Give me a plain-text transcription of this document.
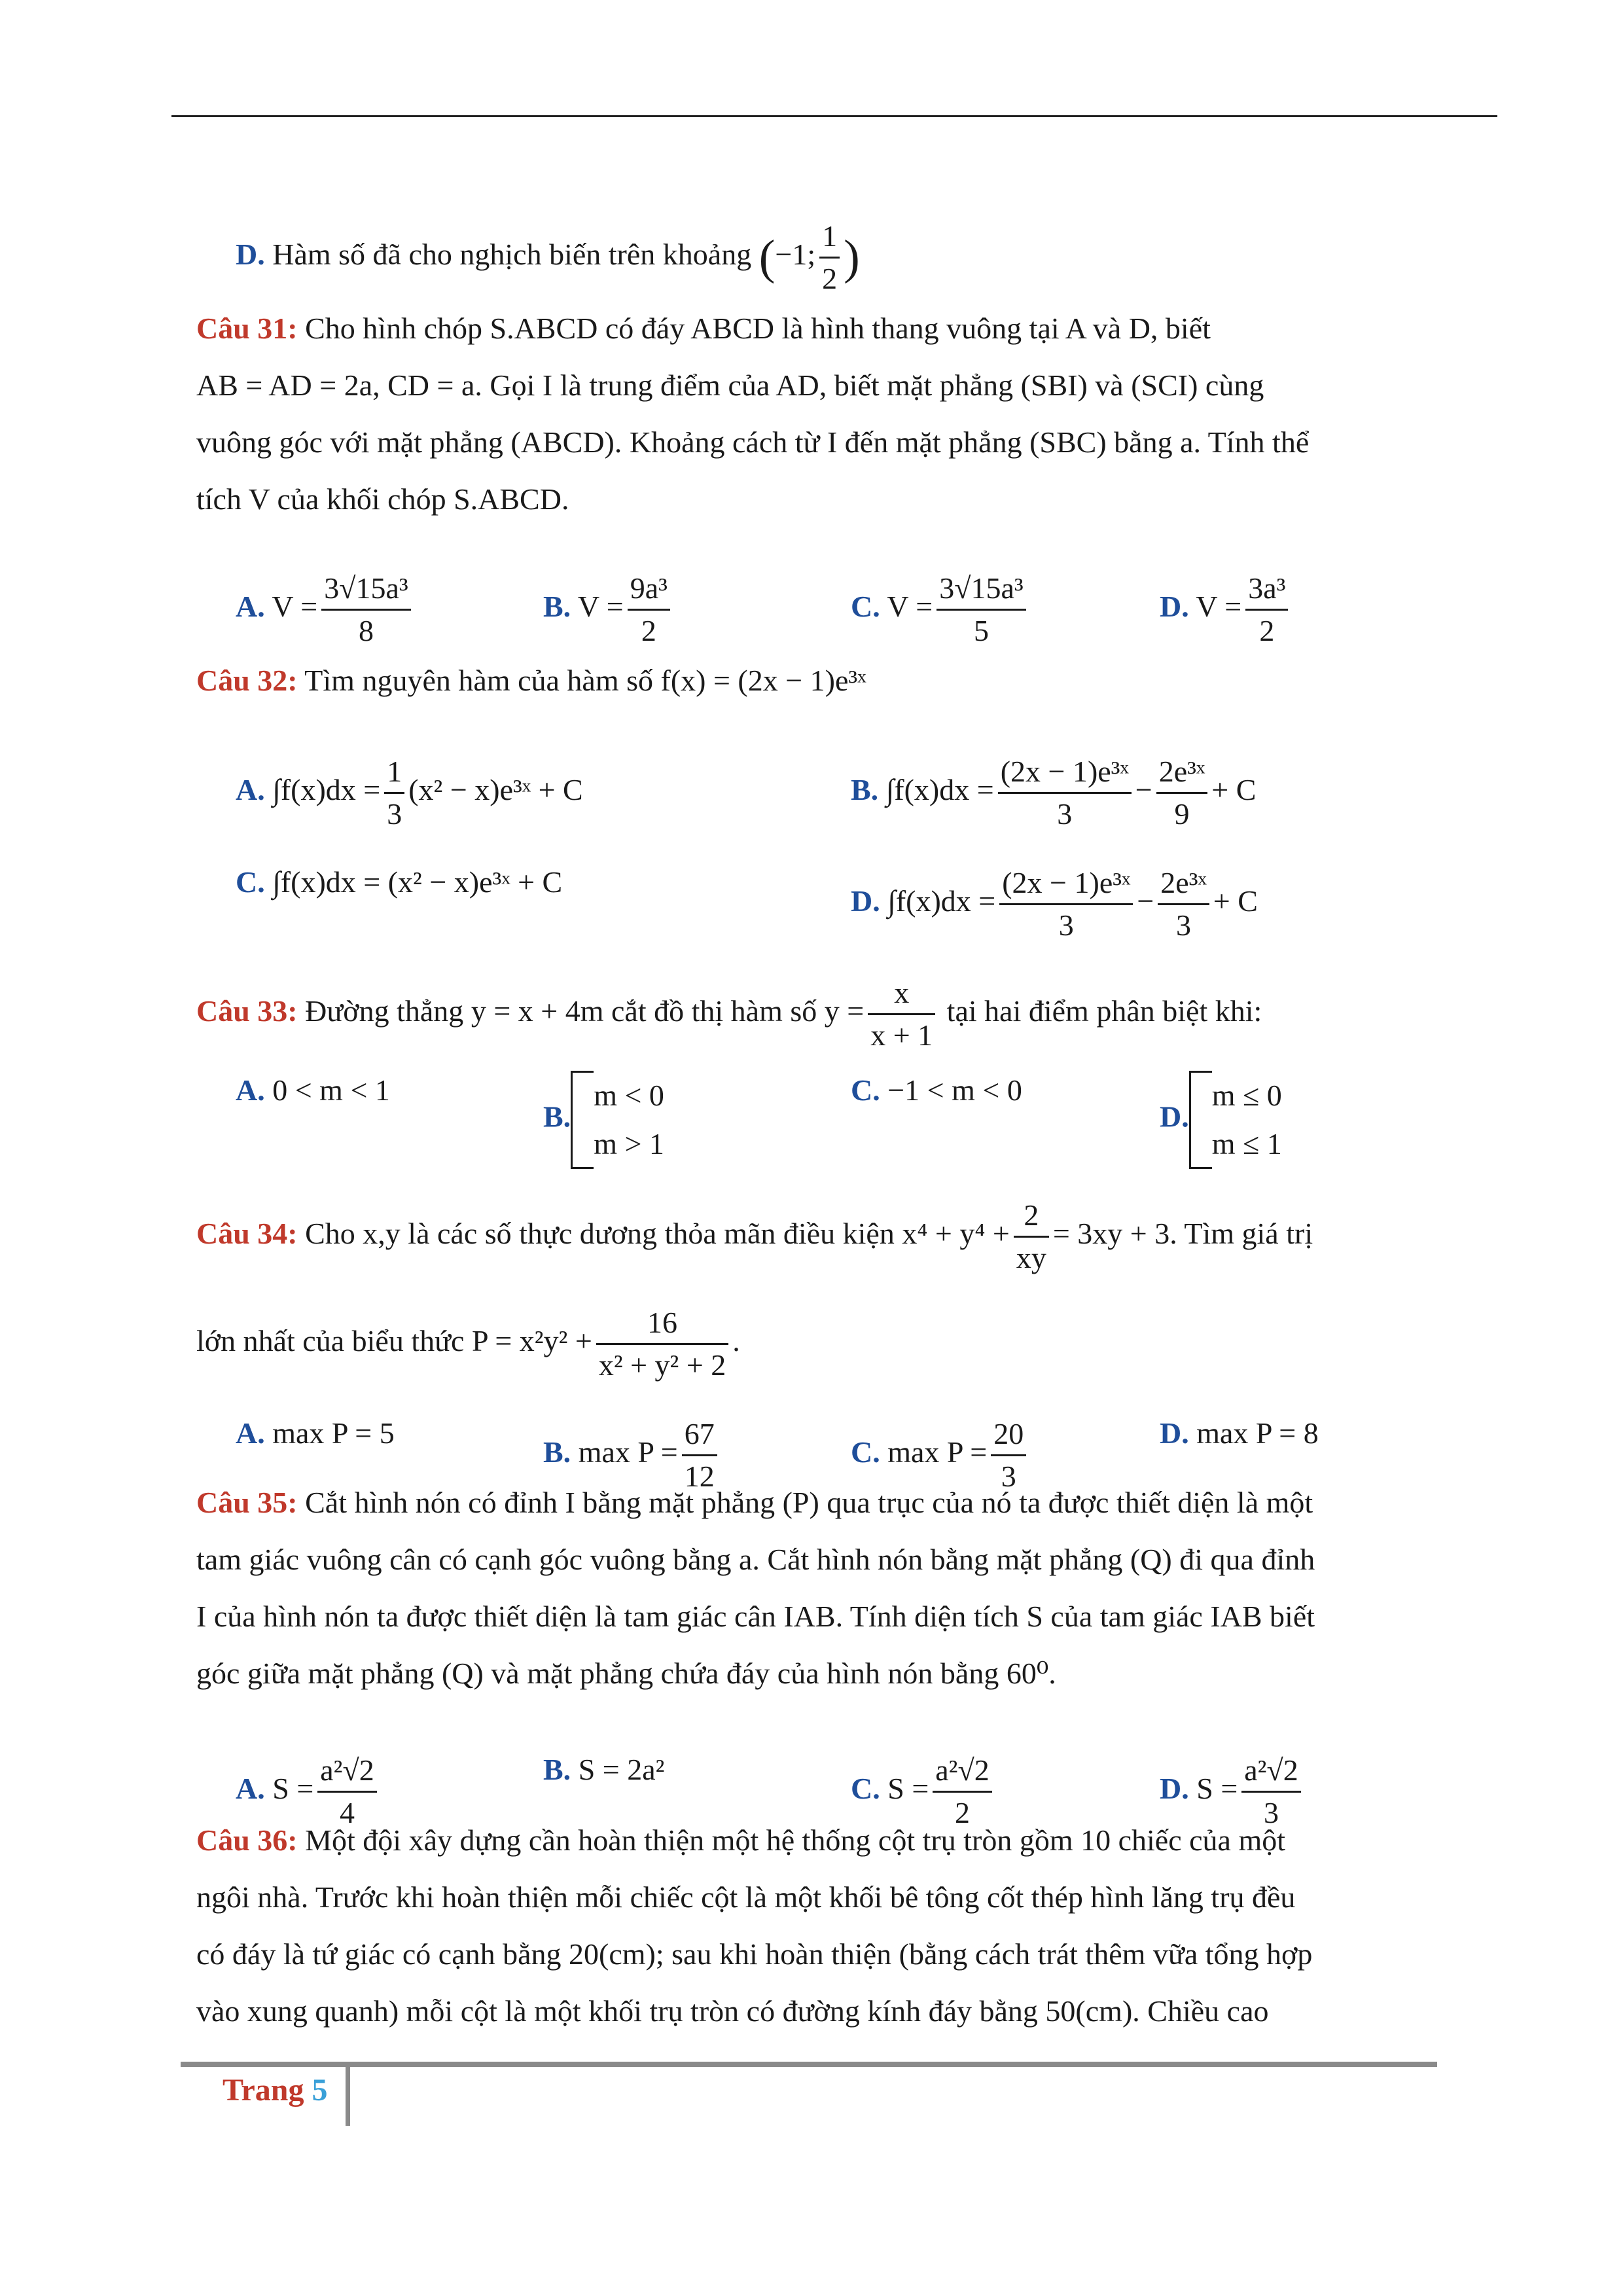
D. Hàm số đã cho nghịch biến trên khoảng (−1; $\frac{1}{2}$ )
Câu 31: Cho hình chóp S.ABCD có đáy ABCD là hình thang vuông tại A và D, biết
AB = AD = 2a, CD = a. Gọi I là trung điểm của AD, biết mặt phẳng (SBI) và (SCI) cùng
vuông góc với mặt phẳng (ABCD). Khoảng cách từ I đến mặt phẳng (SBC) bằng a. Tính thể
tích V của khối chóp S.ABCD.
A. $V = \frac{\text{3√15a³}}{8}$	B. $V = \frac{\text{9a³}}{2}$	C. $V = \frac{\text{3√15a³}}{5}$	D. $V = \frac{\text{3a³}}{2}$
Câu 32: Tìm nguyên hàm của hàm số f(x) = (2x − 1)e³ˣ
A. $\int f(x)dx = \frac{1}{3} (x^2$ − x)e³ˣ + C	B. $\int f(x)dx = \frac{\text{(2x − 1)e³ˣ}}{3} - \frac{\text{2e³ˣ}}{9} + C$
C. ∫f(x)dx = (x² − x)e³ˣ + C
D. $\int f(x)dx = \frac{\text{(2x − 1)e³ˣ}}{3} - \frac{\text{2e³ˣ}}{3} + C$
Câu 33: Đường thẳng y = x + 4m cắt đồ thị hàm số $y = \frac{x}{x + 1}$ tại hai điểm phân biệt khi:
A. 0 < m < 1
B.
m < 0
m > 1
C. −1 < m < 0
D.
m ≤ 0
m ≤ 1
Câu 34: Cho x,y là các số thực dương thỏa mãn điều kiện $x^4 + y^4 + \frac{2}{xy} = 3xy + 3$. Tìm giá trị
lớn nhất của biểu thức $P = x^2y^2 + \frac{16}{\text{x² + y² + 2}}$ .
A. max P = 5
B. $\max P = \frac{67}{12}$	C. $\max P = \frac{20}{3}$	D. max P = 8
Câu 35: Cắt hình nón có đỉnh I bằng mặt phẳng (P) qua trục của nó ta được thiết diện là một
tam giác vuông cân có cạnh góc vuông bằng a. Cắt hình nón bằng mặt phẳng (Q) đi qua đỉnh
I của hình nón ta được thiết diện là tam giác cân IAB. Tính diện tích S của tam giác IAB biết
góc giữa mặt phẳng (Q) và mặt phẳng chứa đáy của hình nón bằng 60⁰.
A. $S = \frac{\text{a²√2}}{4}$	B. S = 2a²
C. $S = \frac{\text{a²√2}}{2}$	D. $S = \frac{\text{a²√2}}{3}$
Câu 36: Một đội xây dựng cần hoàn thiện một hệ thống cột trụ tròn gồm 10 chiếc của một
ngôi nhà. Trước khi hoàn thiện mỗi chiếc cột là một khối bê tông cốt thép hình lăng trụ đều
có đáy là tứ giác có cạnh bằng 20(cm); sau khi hoàn thiện (bằng cách trát thêm vữa tổng hợp
vào xung quanh) mỗi cột là một khối trụ tròn có đường kính đáy bằng 50(cm). Chiều cao
Trang 5
